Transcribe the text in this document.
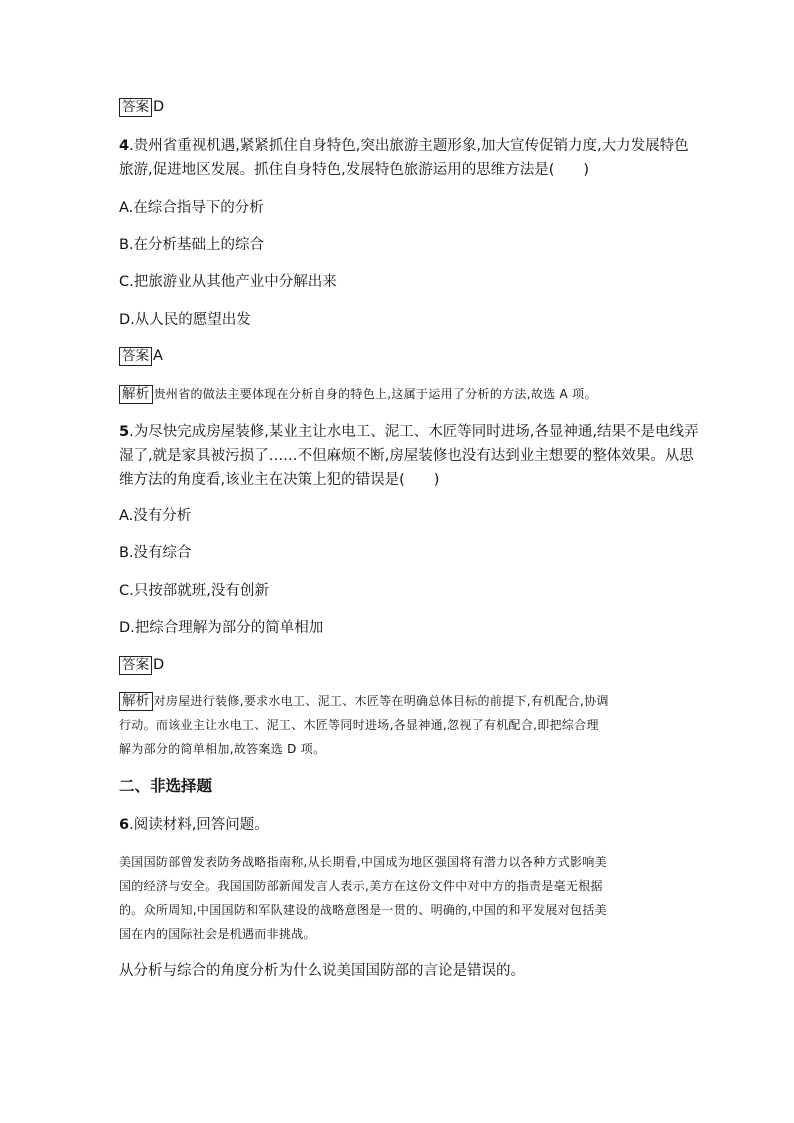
答案 D
4.贵州省重视机遇,紧紧抓住自身特色,突出旅游主题形象,加大宣传促销力度,大力发展特色
旅游,促进地区发展。抓住自身特色,发展特色旅游运用的思维方法是(　　)
A.在综合指导下的分析
B.在分析基础上的综合
C.把旅游业从其他产业中分解出来
D.从人民的愿望出发
答案 A
解析 贵州省的做法主要体现在分析自身的特色上,这属于运用了分析的方法,故选 A 项。
5.为尽快完成房屋装修,某业主让水电工、泥工、木匠等同时进场,各显神通,结果不是电线弄
湿了,就是家具被污损了……不但麻烦不断,房屋装修也没有达到业主想要的整体效果。从思
维方法的角度看,该业主在决策上犯的错误是(　　)
A.没有分析
B.没有综合
C.只按部就班,没有创新
D.把综合理解为部分的简单相加
答案 D
解析 对房屋进行装修,要求水电工、泥工、木匠等在明确总体目标的前提下,有机配合,协调
行动。而该业主让水电工、泥工、木匠等同时进场,各显神通,忽视了有机配合,即把综合理
解为部分的简单相加,故答案选 D 项。
二、非选择题
6.阅读材料,回答问题。
美国国防部曾发表防务战略指南称,从长期看,中国成为地区强国将有潜力以各种方式影响美
国的经济与安全。我国国防部新闻发言人表示,美方在这份文件中对中方的指责是毫无根据
的。众所周知,中国国防和军队建设的战略意图是一贯的、明确的,中国的和平发展对包括美
国在内的国际社会是机遇而非挑战。
从分析与综合的角度分析为什么说美国国防部的言论是错误的。
